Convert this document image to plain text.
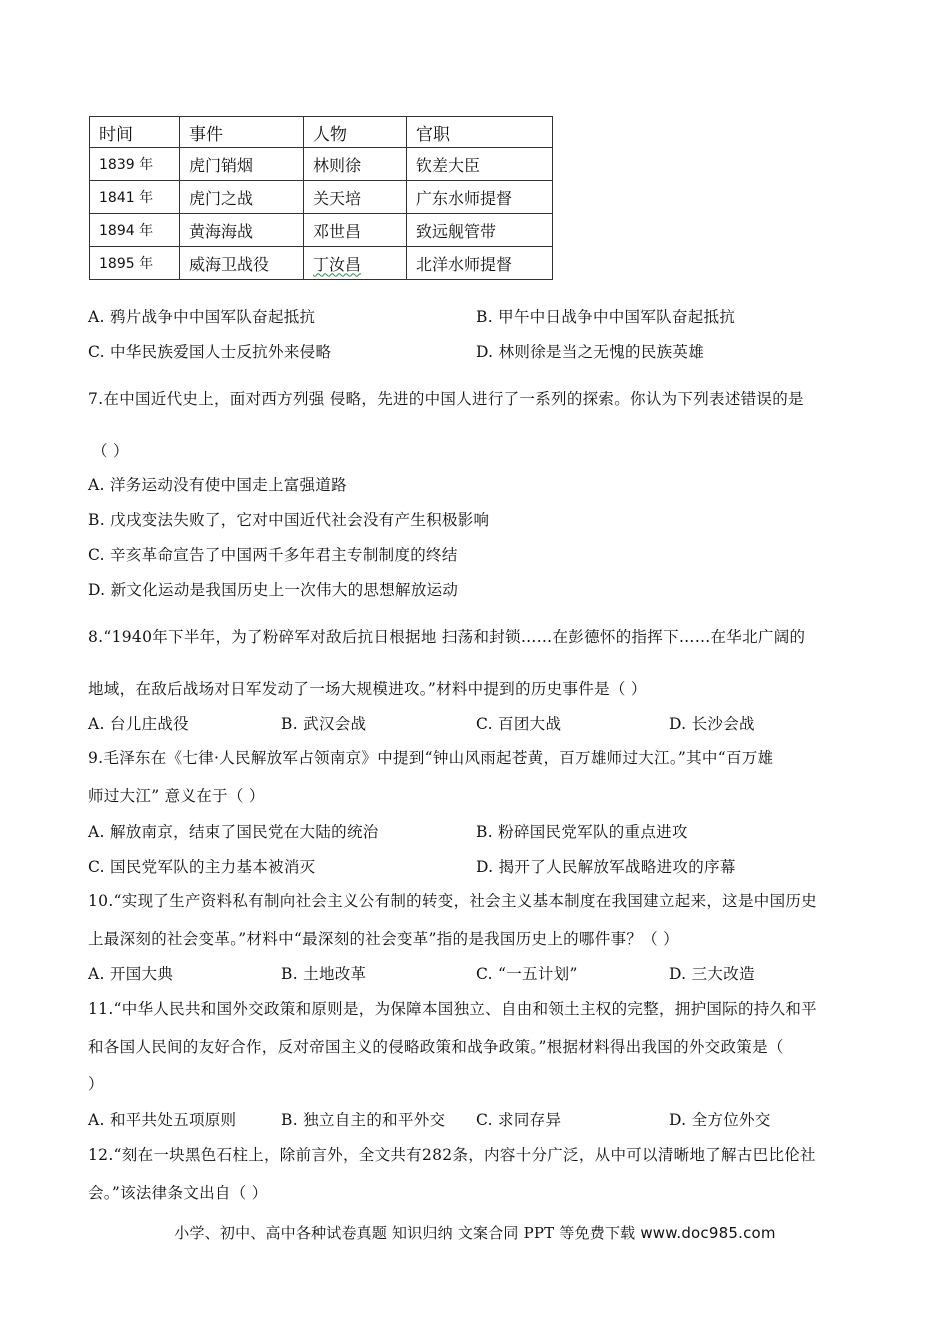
时间	事件	人物	官职
1839 年	虎门销烟	林则徐	钦差大臣
1841 年	虎门之战	关天培	广东水师提督
1894 年	黄海海战	邓世昌	致远舰管带
1895 年	威海卫战役	丁汝昌	北洋水师提督
A. 鸦片战争中中国军队奋起抵抗	B. 甲午中日战争中中国军队奋起抵抗
C. 中华民族爱国人士反抗外来侵略	D. 林则徐是当之无愧的民族英雄
7.在中国近代史上，面对西方列强 侵略，先进的中国人进行了一系列的探索。你认为下列表述错误的是
（ ）
A. 洋务运动没有使中国走上富强道路
B. 戊戌变法失败了，它对中国近代社会没有产生积极影响
C. 辛亥革命宣告了中国两千多年君主专制制度的终结
D. 新文化运动是我国历史上一次伟大的思想解放运动
8.“1940年下半年，为了粉碎军对敌后抗日根据地 扫荡和封锁……在彭德怀的指挥下……在华北广阔的
地域，在敌后战场对日军发动了一场大规模进攻。”材料中提到的历史事件是（ ）
A. 台儿庄战役	B. 武汉会战	C. 百团大战	D. 长沙会战
9.毛泽东在《七律·人民解放军占领南京》中提到“钟山风雨起苍黄，百万雄师过大江。”其中“百万雄
师过大江” 意义在于（ ）
A. 解放南京，结束了国民党在大陆的统治	B. 粉碎国民党军队的重点进攻
C. 国民党军队的主力基本被消灭	D. 揭开了人民解放军战略进攻的序幕
10.“实现了生产资料私有制向社会主义公有制的转变，社会主义基本制度在我国建立起来，这是中国历史
上最深刻的社会变革。”材料中“最深刻的社会变革”指的是我国历史上的哪件事？（ ）
A. 开国大典	B. 土地改革	C. “一五计划”	D. 三大改造
11.“中华人民共和国外交政策和原则是，为保障本国独立、自由和领土主权的完整，拥护国际的持久和平
和各国人民间的友好合作，反对帝国主义的侵略政策和战争政策。”根据材料得出我国的外交政策是（
）
A. 和平共处五项原则	B. 独立自主的和平外交 C. 求同存异	D. 全方位外交
12.“刻在一块黑色石柱上，除前言外，全文共有282条，内容十分广泛，从中可以清晰地了解古巴比伦社
会。”该法律条文出自（ ）
小学、初中、高中各种试卷真题 知识归纳 文案合同 PPT 等免费下载 www.doc985.com
